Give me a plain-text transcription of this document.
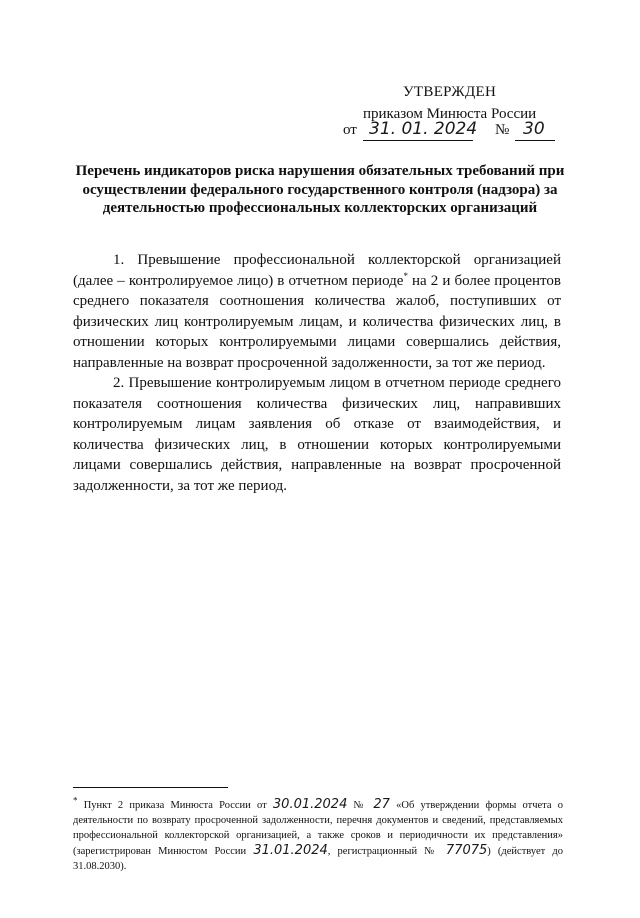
УТВЕРЖДЕН
приказом Минюста России
от 31. 01. 2024 № 30
Перечень индикаторов риска нарушения обязательных требований при осуществлении федерального государственного контроля (надзора) за деятельностью профессиональных коллекторских организаций

1. Превышение профессиональной коллекторской организацией (далее – контролируемое лицо) в отчетном периоде* на 2 и более процентов среднего показателя соотношения количества жалоб, поступивших от физических лиц контролируемым лицам, и количества физических лиц, в отношении которых контролируемыми лицами совершались действия, направленные на возврат просроченной задолженности, за тот же период.

2. Превышение контролируемым лицом в отчетном периоде среднего показателя соотношения количества физических лиц, направивших контролируемым лицам заявления об отказе от взаимодействия, и количества физических лиц, в отношении которых контролируемыми лицами совершались действия, направленные на возврат просроченной задолженности, за тот же период.

* Пункт 2 приказа Минюста России от 30.01.2024 № 27 «Об утверждении формы отчета о деятельности по возврату просроченной задолженности, перечня документов и сведений, представляемых профессиональной коллекторской организацией, а также сроков и периодичности их представления» (зарегистрирован Минюстом России 31.01.2024, регистрационный № 77075) (действует до 31.08.2030).
